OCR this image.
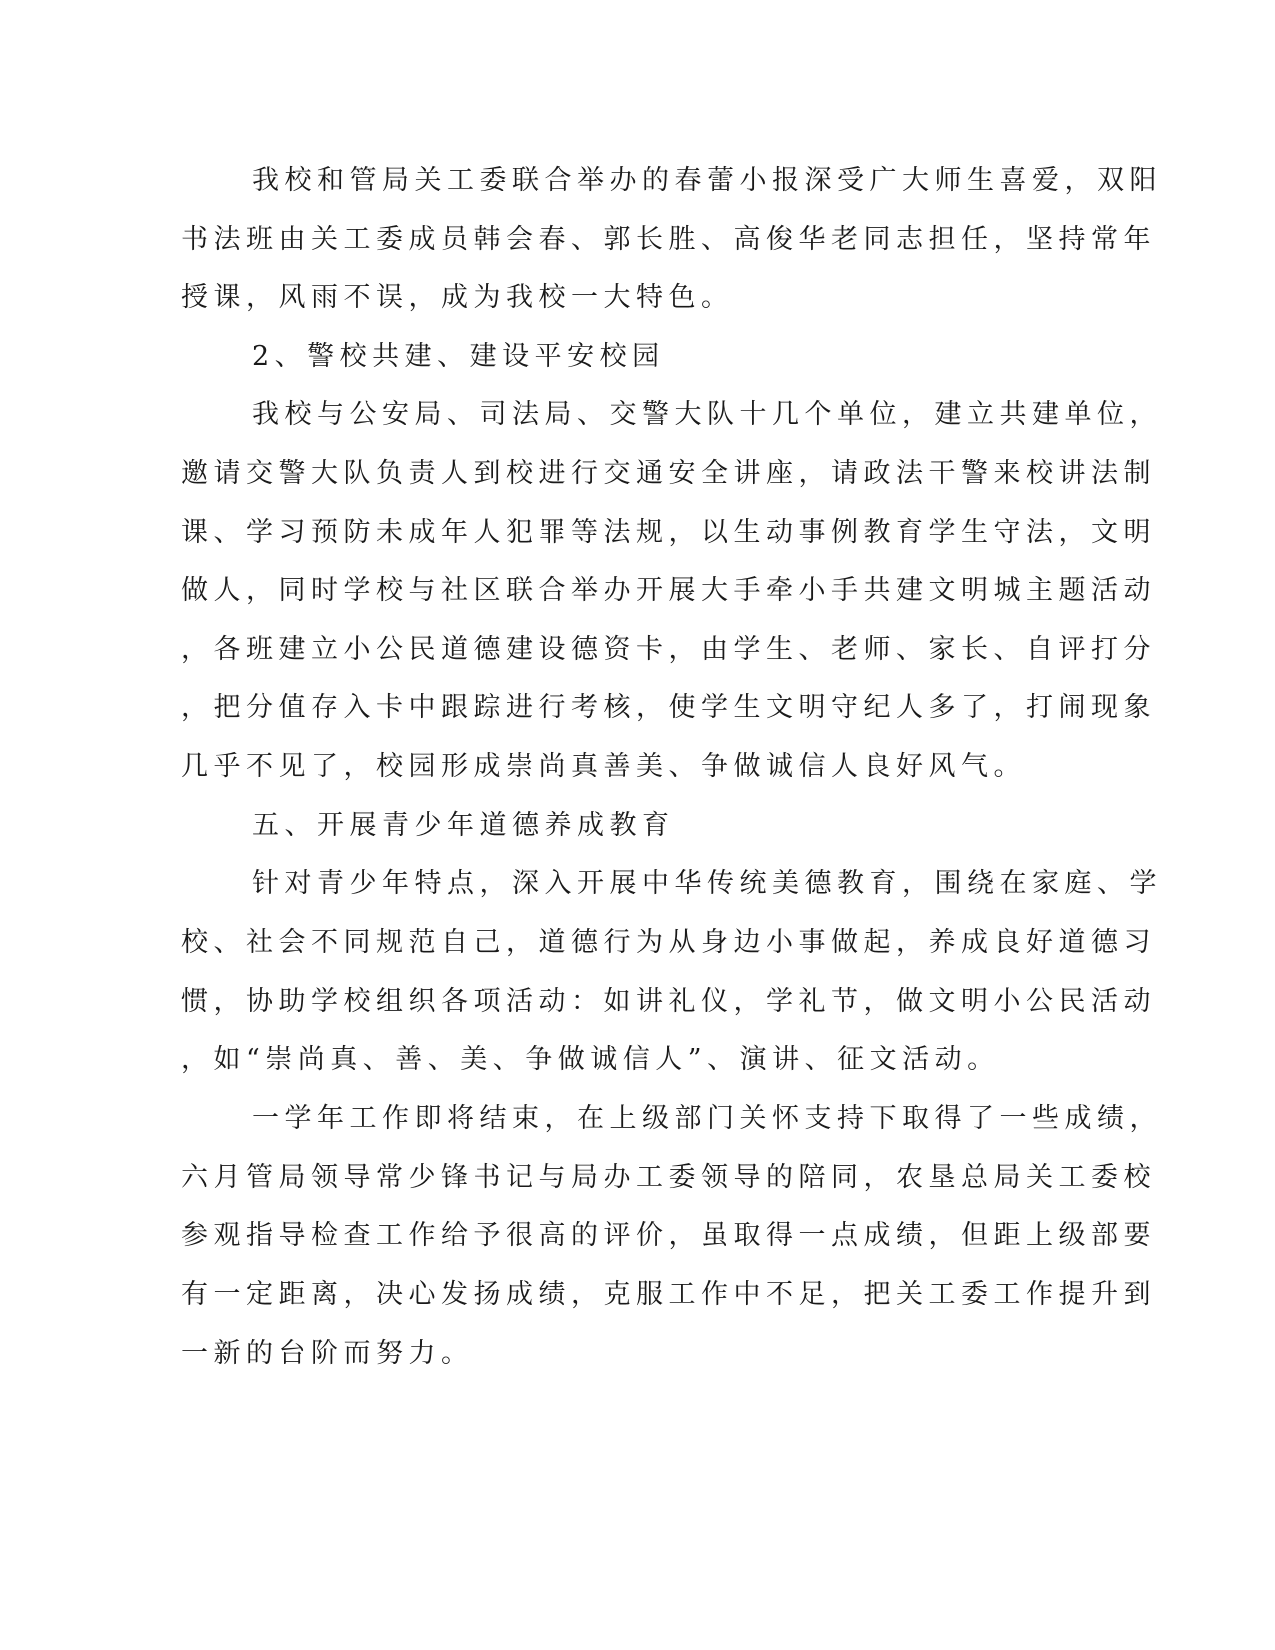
我校和管局关工委联合举办的春蕾小报深受广大师生喜爱，双阳
书法班由关工委成员韩会春、郭长胜、高俊华老同志担任，坚持常年
授课，风雨不误，成为我校一大特色。
2、警校共建、建设平安校园
我校与公安局、司法局、交警大队十几个单位，建立共建单位，
邀请交警大队负责人到校进行交通安全讲座，请政法干警来校讲法制
课、学习预防未成年人犯罪等法规，以生动事例教育学生守法，文明
做人，同时学校与社区联合举办开展大手牵小手共建文明城主题活动
，各班建立小公民道德建设德资卡，由学生、老师、家长、自评打分
，把分值存入卡中跟踪进行考核，使学生文明守纪人多了，打闹现象
几乎不见了，校园形成崇尚真善美、争做诚信人良好风气。
五、开展青少年道德养成教育
针对青少年特点，深入开展中华传统美德教育，围绕在家庭、学
校、社会不同规范自己，道德行为从身边小事做起，养成良好道德习
惯，协助学校组织各项活动：如讲礼仪，学礼节，做文明小公民活动
，如“崇尚真、善、美、争做诚信人”、演讲、征文活动。
一学年工作即将结束，在上级部门关怀支持下取得了一些成绩，
六月管局领导常少锋书记与局办工委领导的陪同，农垦总局关工委校
参观指导检查工作给予很高的评价，虽取得一点成绩，但距上级部要
有一定距离，决心发扬成绩，克服工作中不足，把关工委工作提升到
一新的台阶而努力。
